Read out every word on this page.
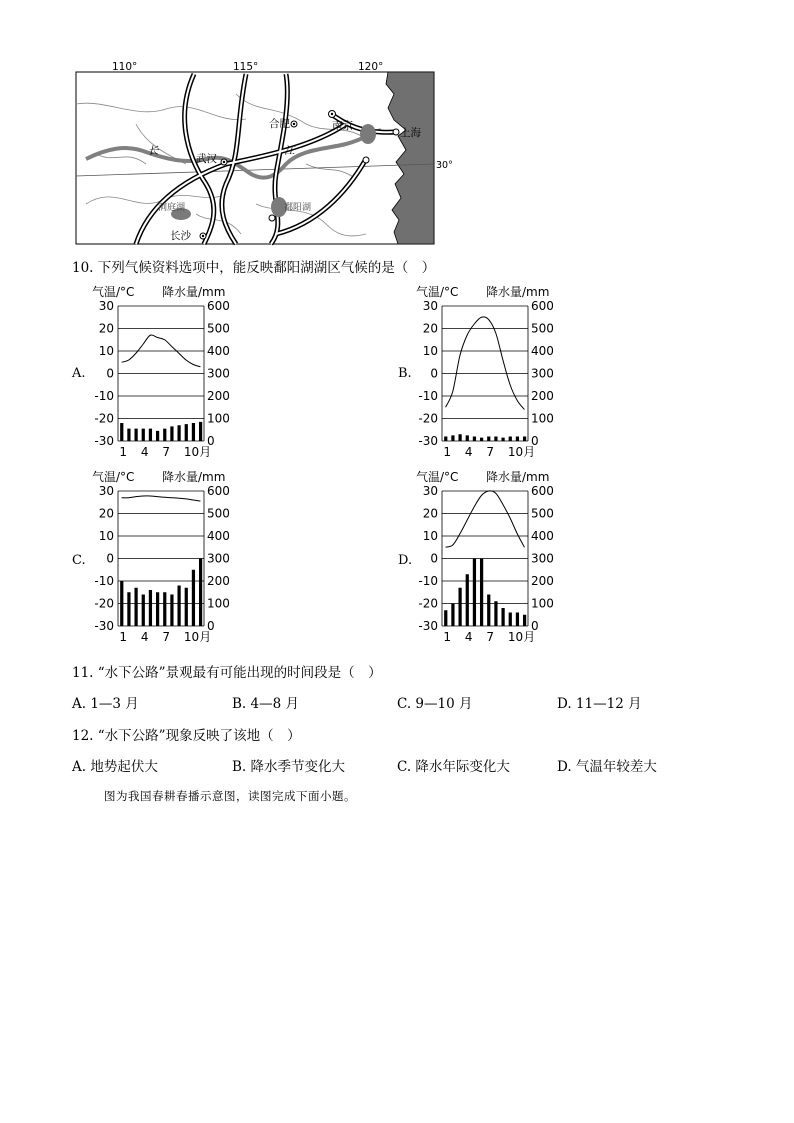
110°	115°	120°
30°
合肥	南京
上海
武汉
长沙
洞庭湖	鄱阳湖
长	江
10. 下列气候资料选项中，能反映鄱阳湖湖区气候的是（　）
A.	B.
C.	D.
气温/°C 降水量/mm
30	600
20	500
10	400
0	300
-10	200
-20	100
-30	0
1 4 7 10月
气温/°C 降水量/mm
30	600
20	500
10	400
0	300
-10	200
-20	100
-30	0
1 4 7 10月
气温/°C 降水量/mm
30	600
20	500
10	400
0	300
-10	200
-20	100
-30	0
1 4 7 10月
气温/°C 降水量/mm
30	600
20	500
10	400
0	300
-10	200
-20	100
-30	0
1 4 7 10月
11. “水下公路”景观最有可能出现的时间段是（　）
A. 1—3 月	B. 4—8 月	C. 9—10 月	D. 11—12 月
12. “水下公路”现象反映了该地（　）
A. 地势起伏大	B. 降水季节变化大	C. 降水年际变化大	D. 气温年较差大
图为我国春耕春播示意图，读图完成下面小题。
